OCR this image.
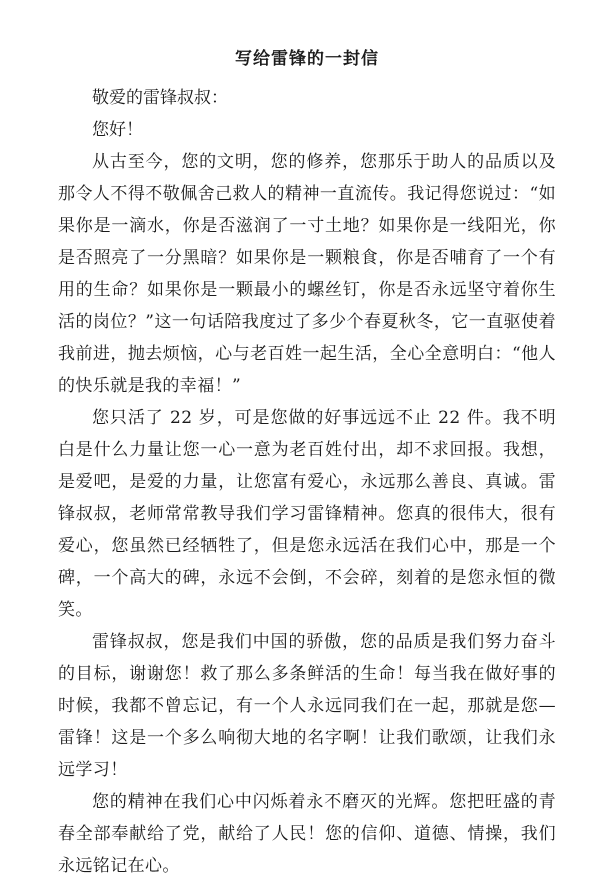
写给雷锋的一封信

敬爱的雷锋叔叔：

您好！

从古至今，您的文明，您的修养，您那乐于助人的品质以及那令人不得不敬佩舍己救人的精神一直流传。我记得您说过：“如果你是一滴水，你是否滋润了一寸土地？如果你是一线阳光，你是否照亮了一分黑暗？如果你是一颗粮食，你是否哺育了一个有用的生命？如果你是一颗最小的螺丝钉，你是否永远坚守着你生活的岗位？”这一句话陪我度过了多少个春夏秋冬，它一直驱使着我前进，抛去烦恼，心与老百姓一起生活，全心全意明白：“他人的快乐就是我的幸福！”

您只活了 22 岁，可是您做的好事远远不止 22 件。我不明白是什么力量让您一心一意为老百姓付出，却不求回报。我想，是爱吧，是爱的力量，让您富有爱心，永远那么善良、真诚。雷锋叔叔，老师常常教导我们学习雷锋精神。您真的很伟大，很有爱心，您虽然已经牺牲了，但是您永远活在我们心中，那是一个碑，一个高大的碑，永远不会倒，不会碎，刻着的是您永恒的微笑。

雷锋叔叔，您是我们中国的骄傲，您的品质是我们努力奋斗的目标，谢谢您！救了那么多条鲜活的生命！每当我在做好事的时候，我都不曾忘记，有一个人永远同我们在一起，那就是您—雷锋！这是一个多么响彻大地的名字啊！让我们歌颂，让我们永远学习！

您的精神在我们心中闪烁着永不磨灭的光辉。您把旺盛的青春全部奉献给了党，献给了人民！您的信仰、道德、情操，我们永远铭记在心。
